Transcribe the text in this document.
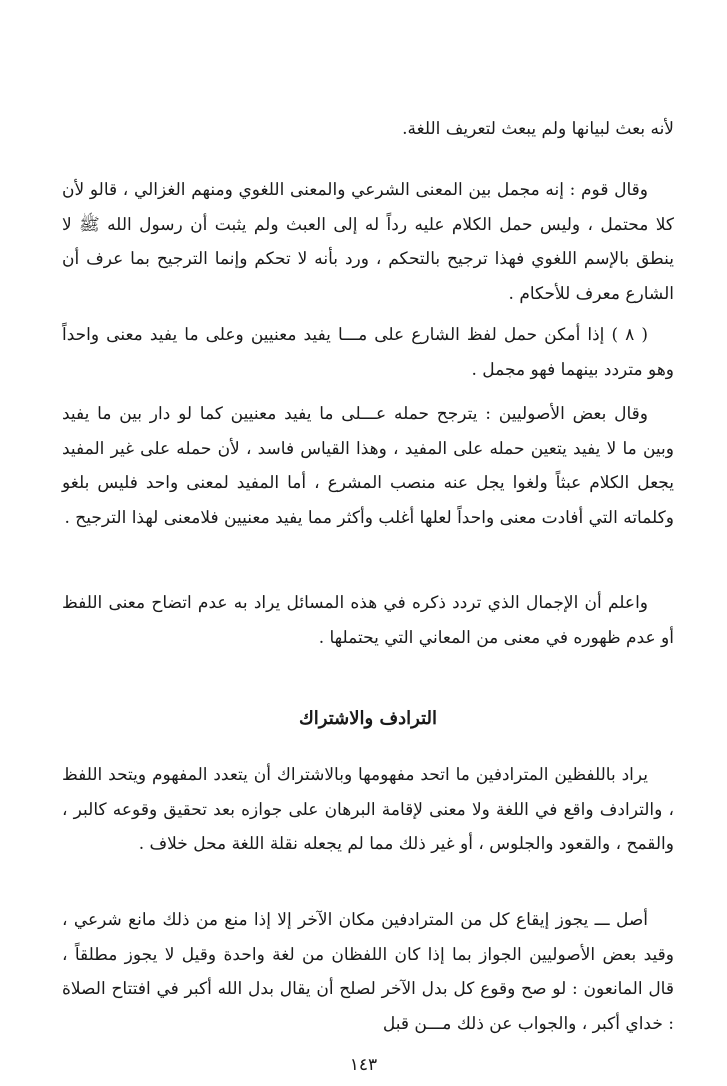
لأنه بعث لبيانها ولم يبعث لتعريف اللغة.

وقال قوم : إنه مجمل بين المعنى الشرعي والمعنى اللغوي ومنهم الغزالي ، قالو لأن كلا محتمل ، وليس حمل الكلام عليه رداً له إلى العبث ولم يثبت أن رسول الله ﷺ لا ينطق بالإسم اللغوي فهذا ترجيح بالتحكم ، ورد بأنه لا تحكم وإنما الترجيح بما عرف أن الشارع معرف للأحكام .

( ٨ ) إذا أمكن حمل لفظ الشارع على مـــا يفيد معنيين وعلى ما يفيد معنى واحداً وهو متردد بينهما فهو مجمل .

وقال بعض الأصوليين : يترجح حمله عـــلى ما يفيد معنيين كما لو دار بين ما يفيد وبين ما لا يفيد يتعين حمله على المفيد ، وهذا القياس فاسد ، لأن حمله على غير المفيد يجعل الكلام عبثاً ولغوا يجل عنه منصب المشرع ، أما المفيد لمعنى واحد فليس بلغو وكلماته التي أفادت معنى واحداً لعلها أغلب وأكثر مما يفيد معنيين فلامعنى لهذا الترجيح .

واعلم أن الإجمال الذي تردد ذكره في هذه المسائل يراد به عدم اتضاح معنى اللفظ أو عدم ظهوره في معنى من المعاني التي يحتملها .

الترادف والاشتراك

يراد باللفظين المترادفين ما اتحد مفهومها وبالاشتراك أن يتعدد المفهوم ويتحد اللفظ ، والترادف واقع في اللغة ولا معنى لإقامة البرهان على جوازه بعد تحقيق وقوعه كالبر ، والقمح ، والقعود والجلوس ، أو غير ذلك مما لم يجعله نقلة اللغة محل خلاف .

أصل ـــ يجوز إيقاع كل من المترادفين مكان الآخر إلا إذا منع من ذلك مانع شرعي ، وقيد بعض الأصوليين الجواز بما إذا كان اللفظان من لغة واحدة وقيل لا يجوز مطلقاً ، قال المانعون : لو صح وقوع كل بدل الآخر لصلح أن يقال بدل الله أكبر في افتتاح الصلاة : خداي أكبر ، والجواب عن ذلك مـــن قبل

١٤٣
